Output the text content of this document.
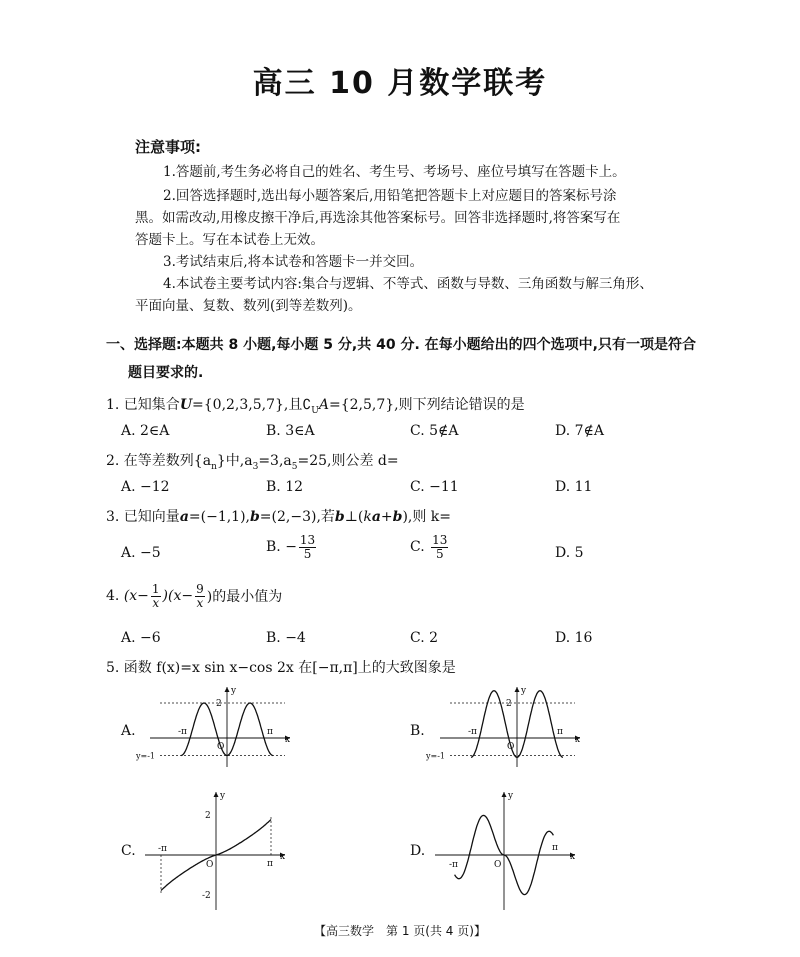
高三 10 月数学联考
注意事项:
1.答题前,考生务必将自己的姓名、考生号、考场号、座位号填写在答题卡上。
2.回答选择题时,选出每小题答案后,用铅笔把答题卡上对应题目的答案标号涂
黑。如需改动,用橡皮擦干净后,再选涂其他答案标号。回答非选择题时,将答案写在
答题卡上。写在本试卷上无效。
3.考试结束后,将本试卷和答题卡一并交回。
4.本试卷主要考试内容:集合与逻辑、不等式、函数与导数、三角函数与解三角形、
平面向量、复数、数列(到等差数列)。
一、选择题:本题共 8 小题,每小题 5 分,共 40 分. 在每小题给出的四个选项中,只有一项是符合
题目要求的.
1. 已知集合U={0,2,3,5,7},且$∁_UA=\{2,5,7\}$,则下列结论错误的是
A. 2∈A	B. 3∈A	C. 5∉A	D. 7∉A
2. 在等差数列$\{a_n\}$中$,a_3=3,a_5=25$,则公差 d=
A. −12	B. 12	C. −11	D. 11
3. 已知向量a=(−1,1),b=(2,−3),若b⊥(ka+b),则 k=
A. −5	B. − $\frac{13}{5}$	C. $\frac{13}{5}$	D. 5
4. $(x- \frac{1}{x} )(x- \frac{9}{x}$ )的最小值为
A. −6	B. −4	C. 2	D. 16
5. 函数 f(x)=x sin x−cos 2x 在[−π,π]上的大致图象是
A.	B.
C.	D.
y
x
2
O
-π	π
y=-1
y
x
2
O
-π	π
y=-1
y
x
2
-2
O
-π
π
y
x
O
-π
π
【高三数学　第 1 页(共 4 页)】
